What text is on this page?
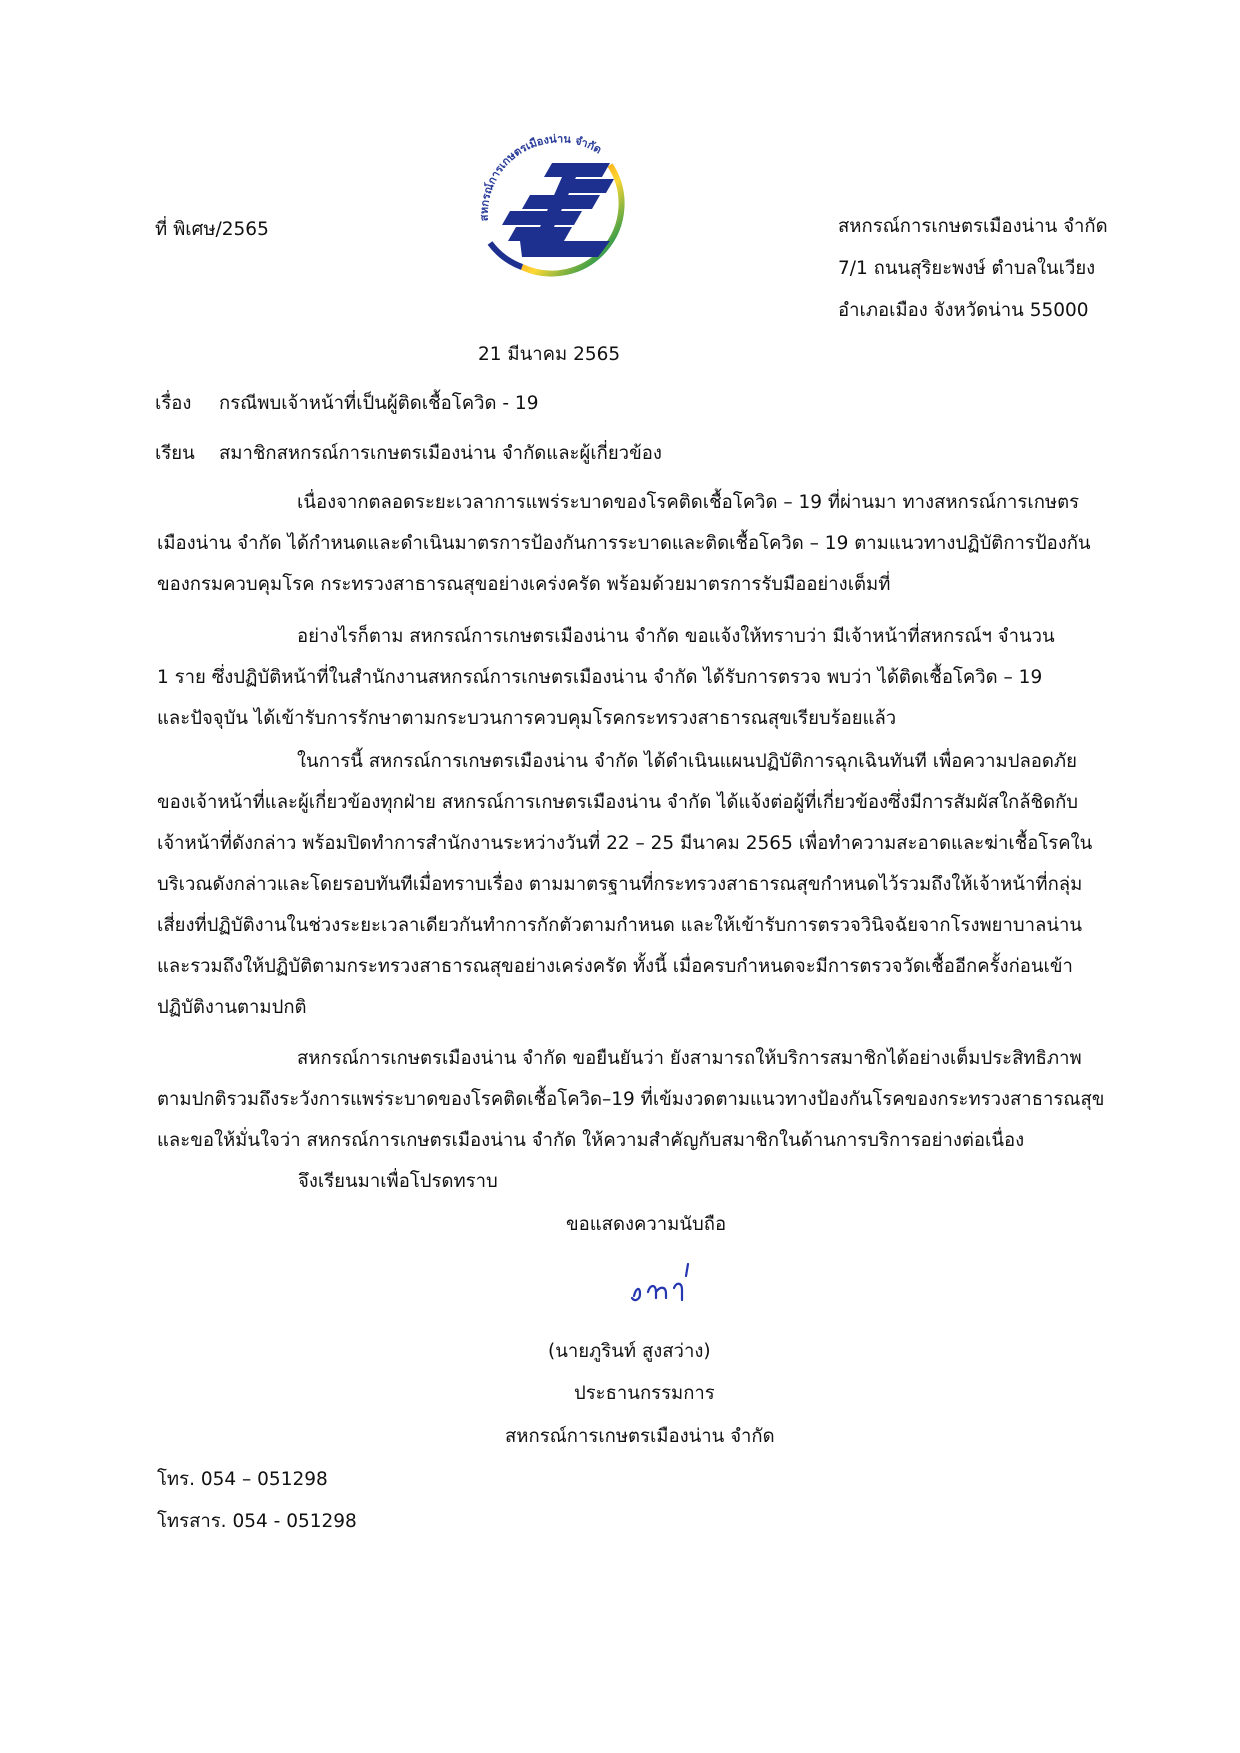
ที่ พิเศษ/2565
สหกรณ์การเกษตรเมืองน่าน จำกัด
สหกรณ์การเกษตรเมืองน่าน จำกัด
7/1 ถนนสุริยะพงษ์ ตำบลในเวียง
อำเภอเมือง จังหวัดน่าน 55000
21 มีนาคม 2565
เรื่อง กรณีพบเจ้าหน้าที่เป็นผู้ติดเชื้อโควิด - 19
เรียน สมาชิกสหกรณ์การเกษตรเมืองน่าน จำกัดและผู้เกี่ยวข้อง
เนื่องจากตลอดระยะเวลาการแพร่ระบาดของโรคติดเชื้อโควิด – 19 ที่ผ่านมา ทางสหกรณ์การเกษตร
เมืองน่าน จำกัด ได้กำหนดและดำเนินมาตรการป้องกันการระบาดและติดเชื้อโควิด – 19 ตามแนวทางปฏิบัติการป้องกัน
ของกรมควบคุมโรค กระทรวงสาธารณสุขอย่างเคร่งครัด พร้อมด้วยมาตรการรับมืออย่างเต็มที่
อย่างไรก็ตาม สหกรณ์การเกษตรเมืองน่าน จำกัด ขอแจ้งให้ทราบว่า มีเจ้าหน้าที่สหกรณ์ฯ จำนวน
1 ราย ซึ่งปฏิบัติหน้าที่ในสำนักงานสหกรณ์การเกษตรเมืองน่าน จำกัด ได้รับการตรวจ พบว่า ได้ติดเชื้อโควิด – 19
และปัจจุบัน ได้เข้ารับการรักษาตามกระบวนการควบคุมโรคกระทรวงสาธารณสุขเรียบร้อยแล้ว
ในการนี้ สหกรณ์การเกษตรเมืองน่าน จำกัด ได้ดำเนินแผนปฏิบัติการฉุกเฉินทันที เพื่อความปลอดภัย
ของเจ้าหน้าที่และผู้เกี่ยวข้องทุกฝ่าย สหกรณ์การเกษตรเมืองน่าน จำกัด ได้แจ้งต่อผู้ที่เกี่ยวข้องซึ่งมีการสัมผัสใกล้ชิดกับ
เจ้าหน้าที่ดังกล่าว พร้อมปิดทำการสำนักงานระหว่างวันที่ 22 – 25 มีนาคม 2565 เพื่อทำความสะอาดและฆ่าเชื้อโรคใน
บริเวณดังกล่าวและโดยรอบทันทีเมื่อทราบเรื่อง ตามมาตรฐานที่กระทรวงสาธารณสุขกำหนดไว้รวมถึงให้เจ้าหน้าที่กลุ่ม
เสี่ยงที่ปฏิบัติงานในช่วงระยะเวลาเดียวกันทำการกักตัวตามกำหนด และให้เข้ารับการตรวจวินิจฉัยจากโรงพยาบาลน่าน
และรวมถึงให้ปฏิบัติตามกระทรวงสาธารณสุขอย่างเคร่งครัด ทั้งนี้ เมื่อครบกำหนดจะมีการตรวจวัดเชื้ออีกครั้งก่อนเข้า
ปฏิบัติงานตามปกติ
สหกรณ์การเกษตรเมืองน่าน จำกัด ขอยืนยันว่า ยังสามารถให้บริการสมาชิกได้อย่างเต็มประสิทธิภาพ
ตามปกติรวมถึงระวังการแพร่ระบาดของโรคติดเชื้อโควิด–19 ที่เข้มงวดตามแนวทางป้องกันโรคของกระทรวงสาธารณสุข
และขอให้มั่นใจว่า สหกรณ์การเกษตรเมืองน่าน จำกัด ให้ความสำคัญกับสมาชิกในด้านการบริการอย่างต่อเนื่อง
จึงเรียนมาเพื่อโปรดทราบ
ขอแสดงความนับถือ
(นายภูรินท์ สูงสว่าง)
ประธานกรรมการ
สหกรณ์การเกษตรเมืองน่าน จำกัด
โทร. 054 – 051298
โทรสาร. 054 - 051298
